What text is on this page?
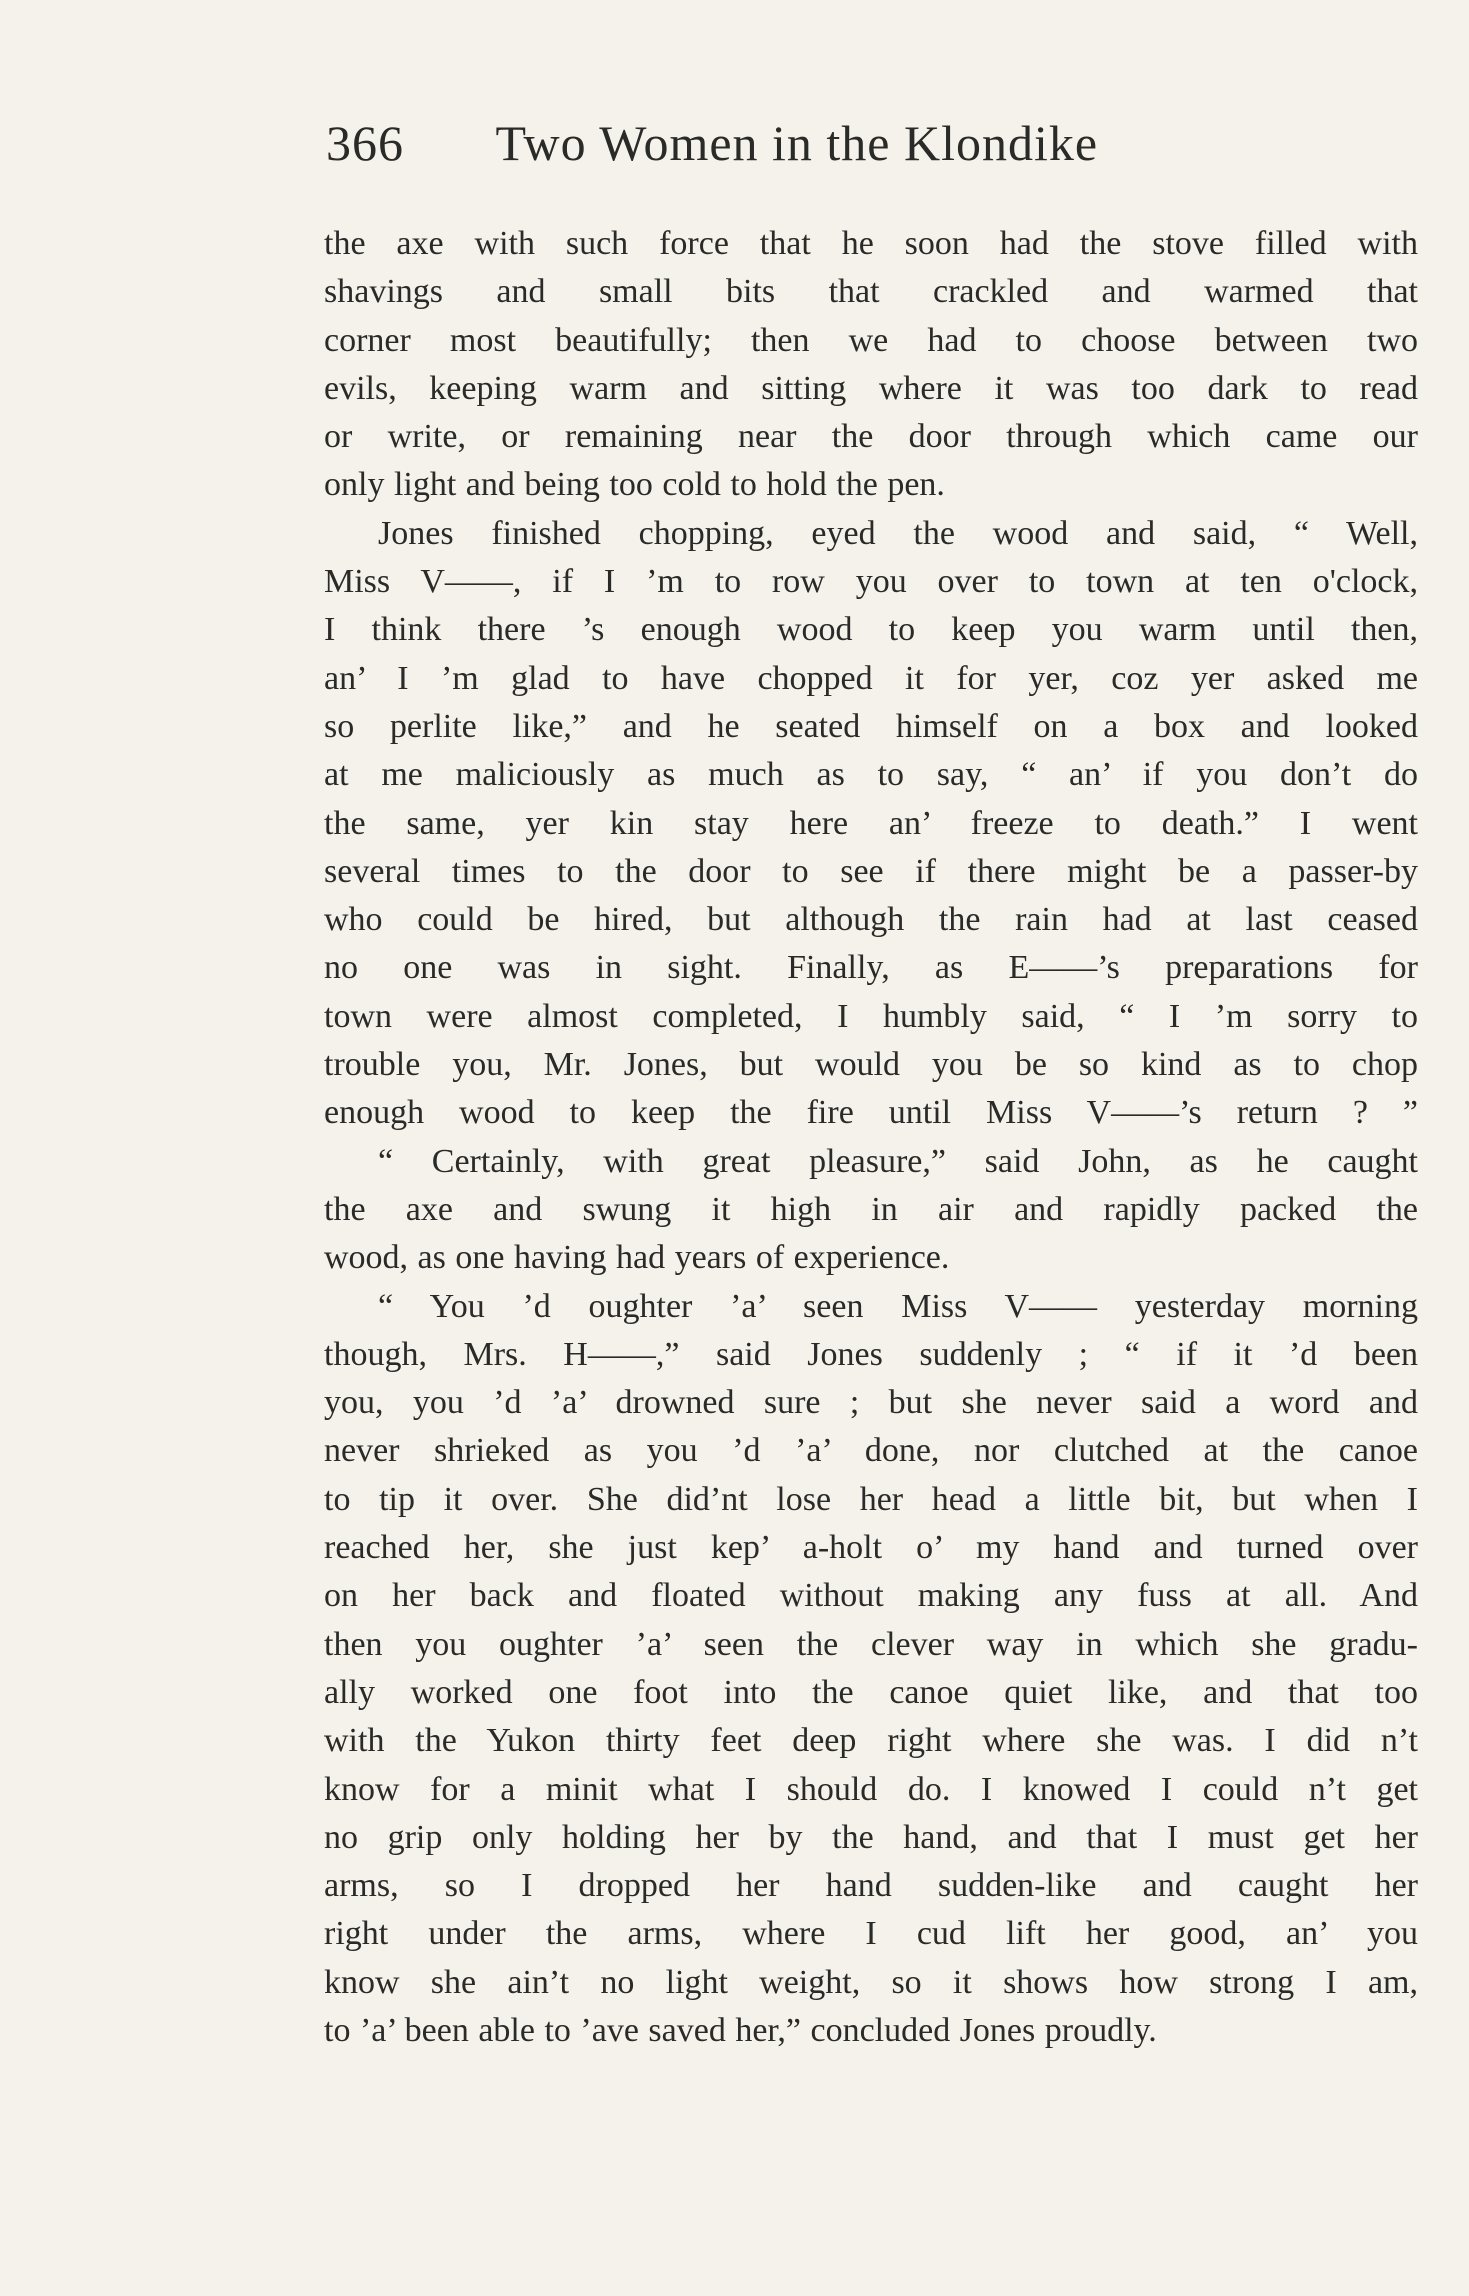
366 Two Women in the Klondike
the axe with such force that he soon had the stove filled with
shavings and small bits that crackled and warmed that
corner most beautifully; then we had to choose between two
evils, keeping warm and sitting where it was too dark to read
or write, or remaining near the door through which came our
only light and being too cold to hold the pen.
Jones finished chopping, eyed the wood and said, “ Well,
Miss V——, if I ’m to row you over to town at ten o'clock,
I think there ’s enough wood to keep you warm until then,
an’ I ’m glad to have chopped it for yer, coz yer asked me
so perlite like,” and he seated himself on a box and looked
at me maliciously as much as to say, “ an’ if you don’t do
the same, yer kin stay here an’ freeze to death.” I went
several times to the door to see if there might be a passer-by
who could be hired, but although the rain had at last ceased
no one was in sight. Finally, as E——’s preparations for
town were almost completed, I humbly said, “ I ’m sorry to
trouble you, Mr. Jones, but would you be so kind as to chop
enough wood to keep the fire until Miss V——’s return ? ”
“ Certainly, with great pleasure,” said John, as he caught
the axe and swung it high in air and rapidly packed the
wood, as one having had years of experience.
“ You ’d oughter ’a’ seen Miss V—— yesterday morning
though, Mrs. H——,” said Jones suddenly ; “ if it ’d been
you, you ’d ’a’ drowned sure ; but she never said a word and
never shrieked as you ’d ’a’ done, nor clutched at the canoe
to tip it over. She did’nt lose her head a little bit, but when I
reached her, she just kep’ a-holt o’ my hand and turned over
on her back and floated without making any fuss at all. And
then you oughter ’a’ seen the clever way in which she gradu-
ally worked one foot into the canoe quiet like, and that too
with the Yukon thirty feet deep right where she was. I did n’t
know for a minit what I should do. I knowed I could n’t get
no grip only holding her by the hand, and that I must get her
arms, so I dropped her hand sudden-like and caught her
right under the arms, where I cud lift her good, an’ you
know she ain’t no light weight, so it shows how strong I am,
to ’a’ been able to ’ave saved her,” concluded Jones proudly.
